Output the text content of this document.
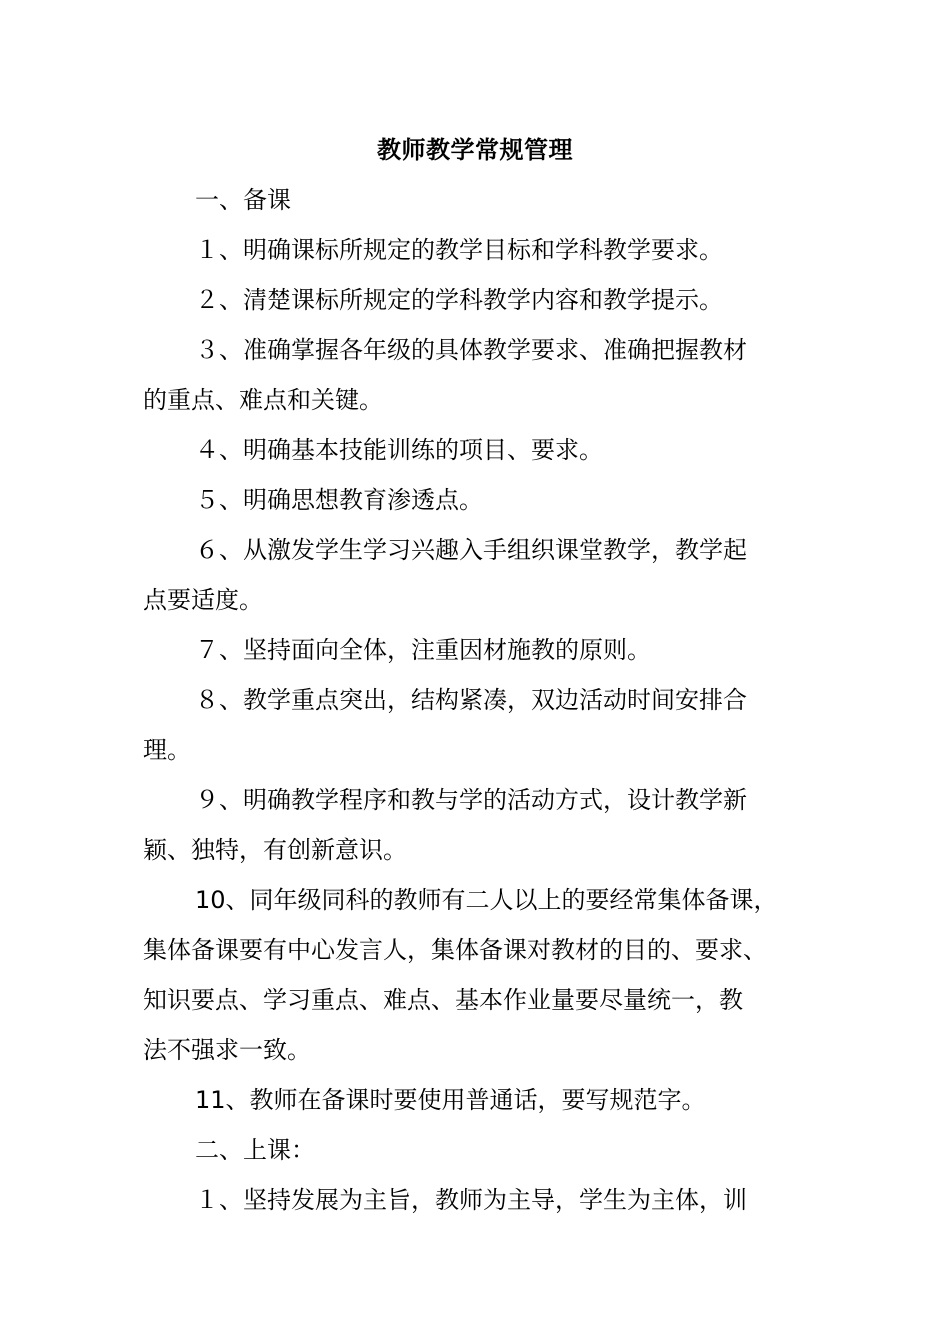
教师教学常规管理
一、备课
１、明确课标所规定的教学目标和学科教学要求。
２、清楚课标所规定的学科教学内容和教学提示。
３、准确掌握各年级的具体教学要求、准确把握教材
的重点、难点和关键。
４、明确基本技能训练的项目、要求。
５、明确思想教育渗透点。
６、从激发学生学习兴趣入手组织课堂教学，教学起
点要适度。
７、坚持面向全体，注重因材施教的原则。
８、教学重点突出，结构紧凑，双边活动时间安排合
理。
９、明确教学程序和教与学的活动方式，设计教学新
颖、独特，有创新意识。
10、同年级同科的教师有二人以上的要经常集体备课，
集体备课要有中心发言人，集体备课对教材的目的、要求、
知识要点、学习重点、难点、基本作业量要尽量统一，教
法不强求一致。
11、教师在备课时要使用普通话，要写规范字。
二、上课：
１、坚持发展为主旨，教师为主导，学生为主体，训
